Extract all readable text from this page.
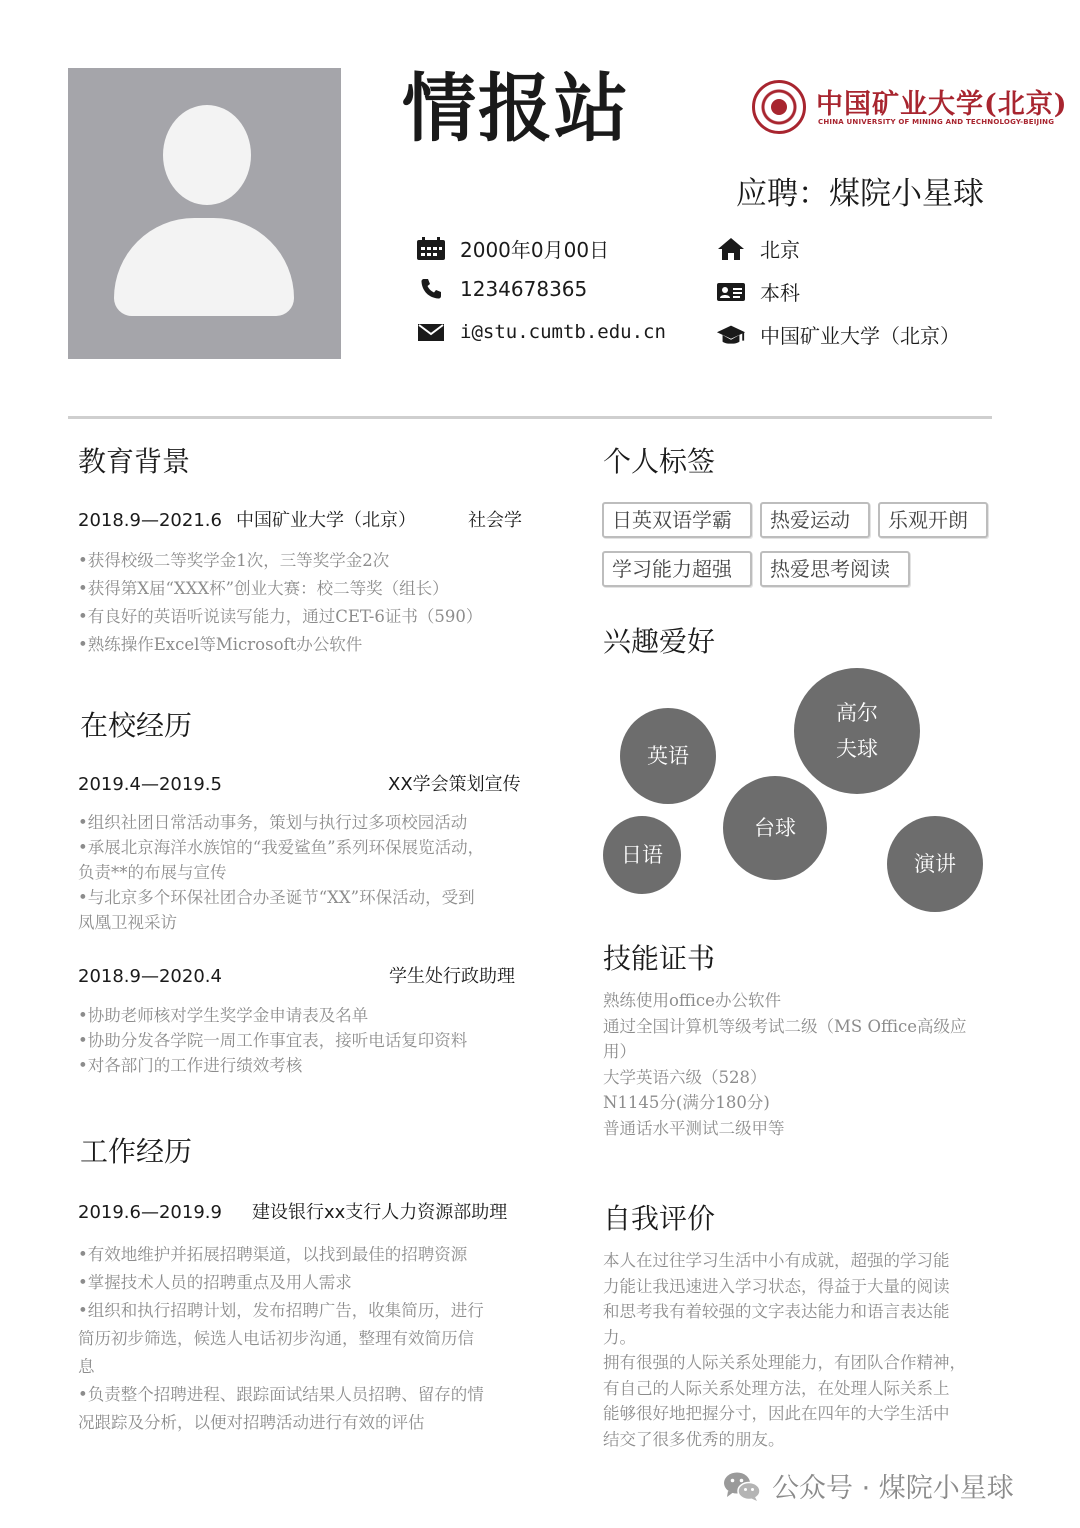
情报站	中国矿业大学(北京)
CHINA UNIVERSITY OF MINING AND TECHNOLOGY-BEIJING
应聘：煤院小星球
2000年0月00日
1234678365
i@stu.cumtb.edu.cn
北京
本科
中国矿业大学（北京）
教育背景
2018.9—2021.6 中国矿业大学（北京）	社会学
•获得校级二等奖学金1次，三等奖学金2次
•获得第X届“XXX杯”创业大赛：校二等奖（组长）
•有良好的英语听说读写能力，通过CET-6证书（590）
•熟练操作Excel等Microsoft办公软件
在校经历
2019.4—2019.5	XX学会策划宣传
•组织社团日常活动事务，策划与执行过多项校园活动
•承展北京海洋水族馆的“我爱鲨鱼”系列环保展览活动，
负责**的布展与宣传
•与北京多个环保社团合办圣诞节“XX”环保活动，受到
凤凰卫视采访
2018.9—2020.4	学生处行政助理
•协助老师核对学生奖学金申请表及名单
•协助分发各学院一周工作事宜表，接听电话复印资料
•对各部门的工作进行绩效考核
工作经历
2019.6—2019.9 建设银行xx支行人力资源部助理
•有效地维护并拓展招聘渠道，以找到最佳的招聘资源
•掌握技术人员的招聘重点及用人需求
•组织和执行招聘计划，发布招聘广告，收集简历，进行
简历初步筛选，候选人电话初步沟通，整理有效简历信
息
•负责整个招聘进程、跟踪面试结果人员招聘、留存的情
况跟踪及分析，以便对招聘活动进行有效的评估
个人标签
日英双语学霸	热爱运动	乐观开朗
学习能力超强	热爱思考阅读
兴趣爱好
英语
高尔
夫球
台球
日语	演讲
技能证书
熟练使用office办公软件
通过全国计算机等级考试二级（MS Office高级应
用）
大学英语六级（528）
N1145分(满分180分)
普通话水平测试二级甲等
自我评价
本人在过往学习生活中小有成就，超强的学习能
力能让我迅速进入学习状态，得益于大量的阅读
和思考我有着较强的文字表达能力和语言表达能
力。
拥有很强的人际关系处理能力，有团队合作精神，
有自己的人际关系处理方法，在处理人际关系上
能够很好地把握分寸，因此在四年的大学生活中
结交了很多优秀的朋友。
公众号 · 煤院小星球
